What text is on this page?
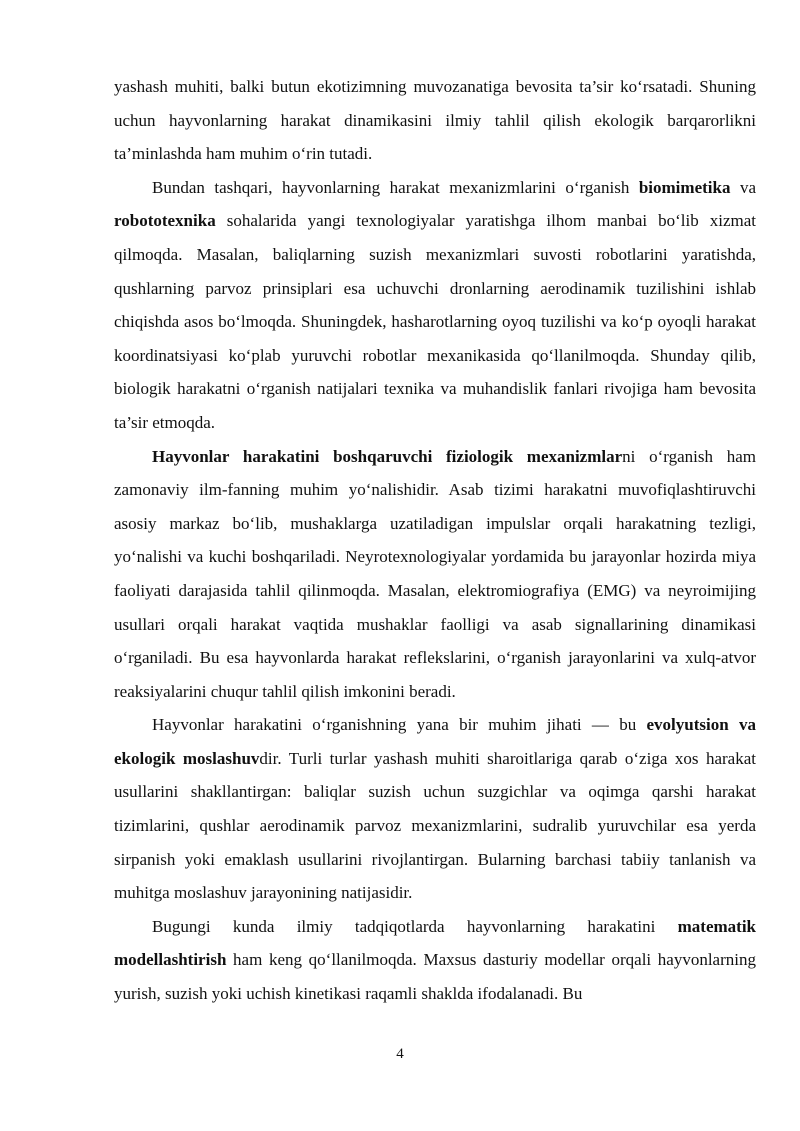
yashash muhiti, balki butun ekotizimning muvozanatiga bevosita ta’sir ko‘rsatadi. Shuning uchun hayvonlarning harakat dinamikasini ilmiy tahlil qilish ekologik barqarorlikni ta’minlashda ham muhim o‘rin tutadi.

Bundan tashqari, hayvonlarning harakat mexanizmlarini o‘rganish biomimetika va robototexnika sohalarida yangi texnologiyalar yaratishga ilhom manbai bo‘lib xizmat qilmoqda. Masalan, baliqlarning suzish mexanizmlari suvosti robotlarini yaratishda, qushlarning parvoz prinsiplari esa uchuvchi dronlarning aerodinamik tuzilishini ishlab chiqishda asos bo‘lmoqda. Shuningdek, hasharotlarning oyoq tuzilishi va ko‘p oyoqli harakat koordinatsiyasi ko‘plab yuruvchi robotlar mexanikasida qo‘llanilmoqda. Shunday qilib, biologik harakatni o‘rganish natijalari texnika va muhandislik fanlari rivojiga ham bevosita ta’sir etmoqda.

Hayvonlar harakatini boshqaruvchi fiziologik mexanizmlarni o‘rganish ham zamonaviy ilm-fanning muhim yo‘nalishidir. Asab tizimi harakatni muvofiqlashtiruvchi asosiy markaz bo‘lib, mushaklarga uzatiladigan impulslar orqali harakatning tezligi, yo‘nalishi va kuchi boshqariladi. Neyrotexnologiyalar yordamida bu jarayonlar hozirda miya faoliyati darajasida tahlil qilinmoqda. Masalan, elektromiografiya (EMG) va neyroimijing usullari orqali harakat vaqtida mushaklar faolligi va asab signallarining dinamikasi o‘rganiladi. Bu esa hayvonlarda harakat reflekslarini, o‘rganish jarayonlarini va xulq-atvor reaksiyalarini chuqur tahlil qilish imkonini beradi.

Hayvonlar harakatini o‘rganishning yana bir muhim jihati — bu evolyutsion va ekologik moslashuvdir. Turli turlar yashash muhiti sharoitlariga qarab o‘ziga xos harakat usullarini shakllantirgan: baliqlar suzish uchun suzgichlar va oqimga qarshi harakat tizimlarini, qushlar aerodinamik parvoz mexanizmlarini, sudralib yuruvchilar esa yerda sirpanish yoki emaklash usullarini rivojlantirgan. Bularning barchasi tabiiy tanlanish va muhitga moslashuv jarayonining natijasidir.

Bugungi kunda ilmiy tadqiqotlarda hayvonlarning harakatini matematik modellashtirish ham keng qo‘llanilmoqda. Maxsus dasturiy modellar orqali hayvonlarning yurish, suzish yoki uchish kinetikasi raqamli shaklda ifodalanadi. Bu

4
